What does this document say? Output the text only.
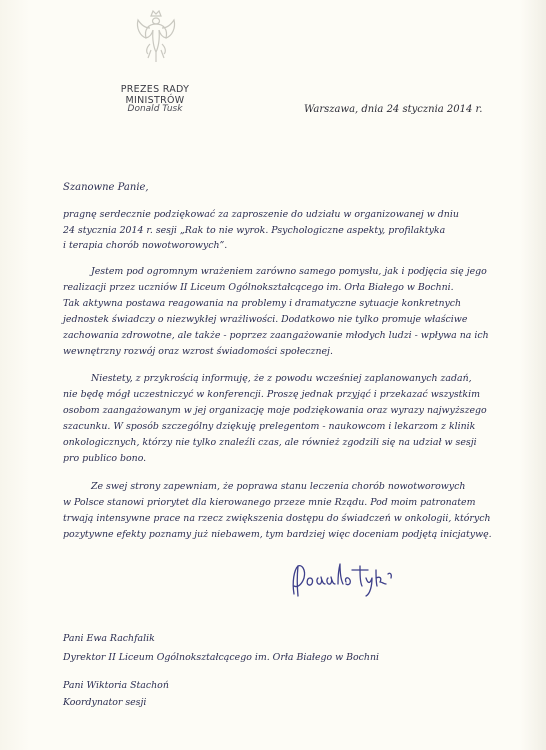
PREZES RADY MINISTRÓW
Donald Tusk	Warszawa, dnia 24 stycznia 2014 r.
Szanowne Panie,
pragnę serdecznie podziękować za zaproszenie do udziału w organizowanej w dniu
24 stycznia 2014 r. sesji „Rak to nie wyrok. Psychologiczne aspekty, profilaktyka
i terapia chorób nowotworowych”.
Jestem pod ogromnym wrażeniem zarówno samego pomysłu, jak i podjęcia się jego
realizacji przez uczniów II Liceum Ogólnokształcącego im. Orła Białego w Bochni.
Tak aktywna postawa reagowania na problemy i dramatyczne sytuacje konkretnych
jednostek świadczy o niezwykłej wrażliwości. Dodatkowo nie tylko promuje właściwe
zachowania zdrowotne, ale także - poprzez zaangażowanie młodych ludzi - wpływa na ich
wewnętrzny rozwój oraz wzrost świadomości społecznej.
Niestety, z przykrością informuję, że z powodu wcześniej zaplanowanych zadań,
nie będę mógł uczestniczyć w konferencji. Proszę jednak przyjąć i przekazać wszystkim
osobom zaangażowanym w jej organizację moje podziękowania oraz wyrazy najwyższego
szacunku. W sposób szczególny dziękuję prelegentom - naukowcom i lekarzom z klinik
onkologicznych, którzy nie tylko znaleźli czas, ale również zgodzili się na udział w sesji
pro publico bono.
Ze swej strony zapewniam, że poprawa stanu leczenia chorób nowotworowych
w Polsce stanowi priorytet dla kierowanego przeze mnie Rządu. Pod moim patronatem
trwają intensywne prace na rzecz zwiększenia dostępu do świadczeń w onkologii, których
pozytywne efekty poznamy już niebawem, tym bardziej więc doceniam podjętą inicjatywę.
Pani Ewa Rachfalik
Dyrektor II Liceum Ogólnokształcącego im. Orła Białego w Bochni
Pani Wiktoria Stachoń
Koordynator sesji
